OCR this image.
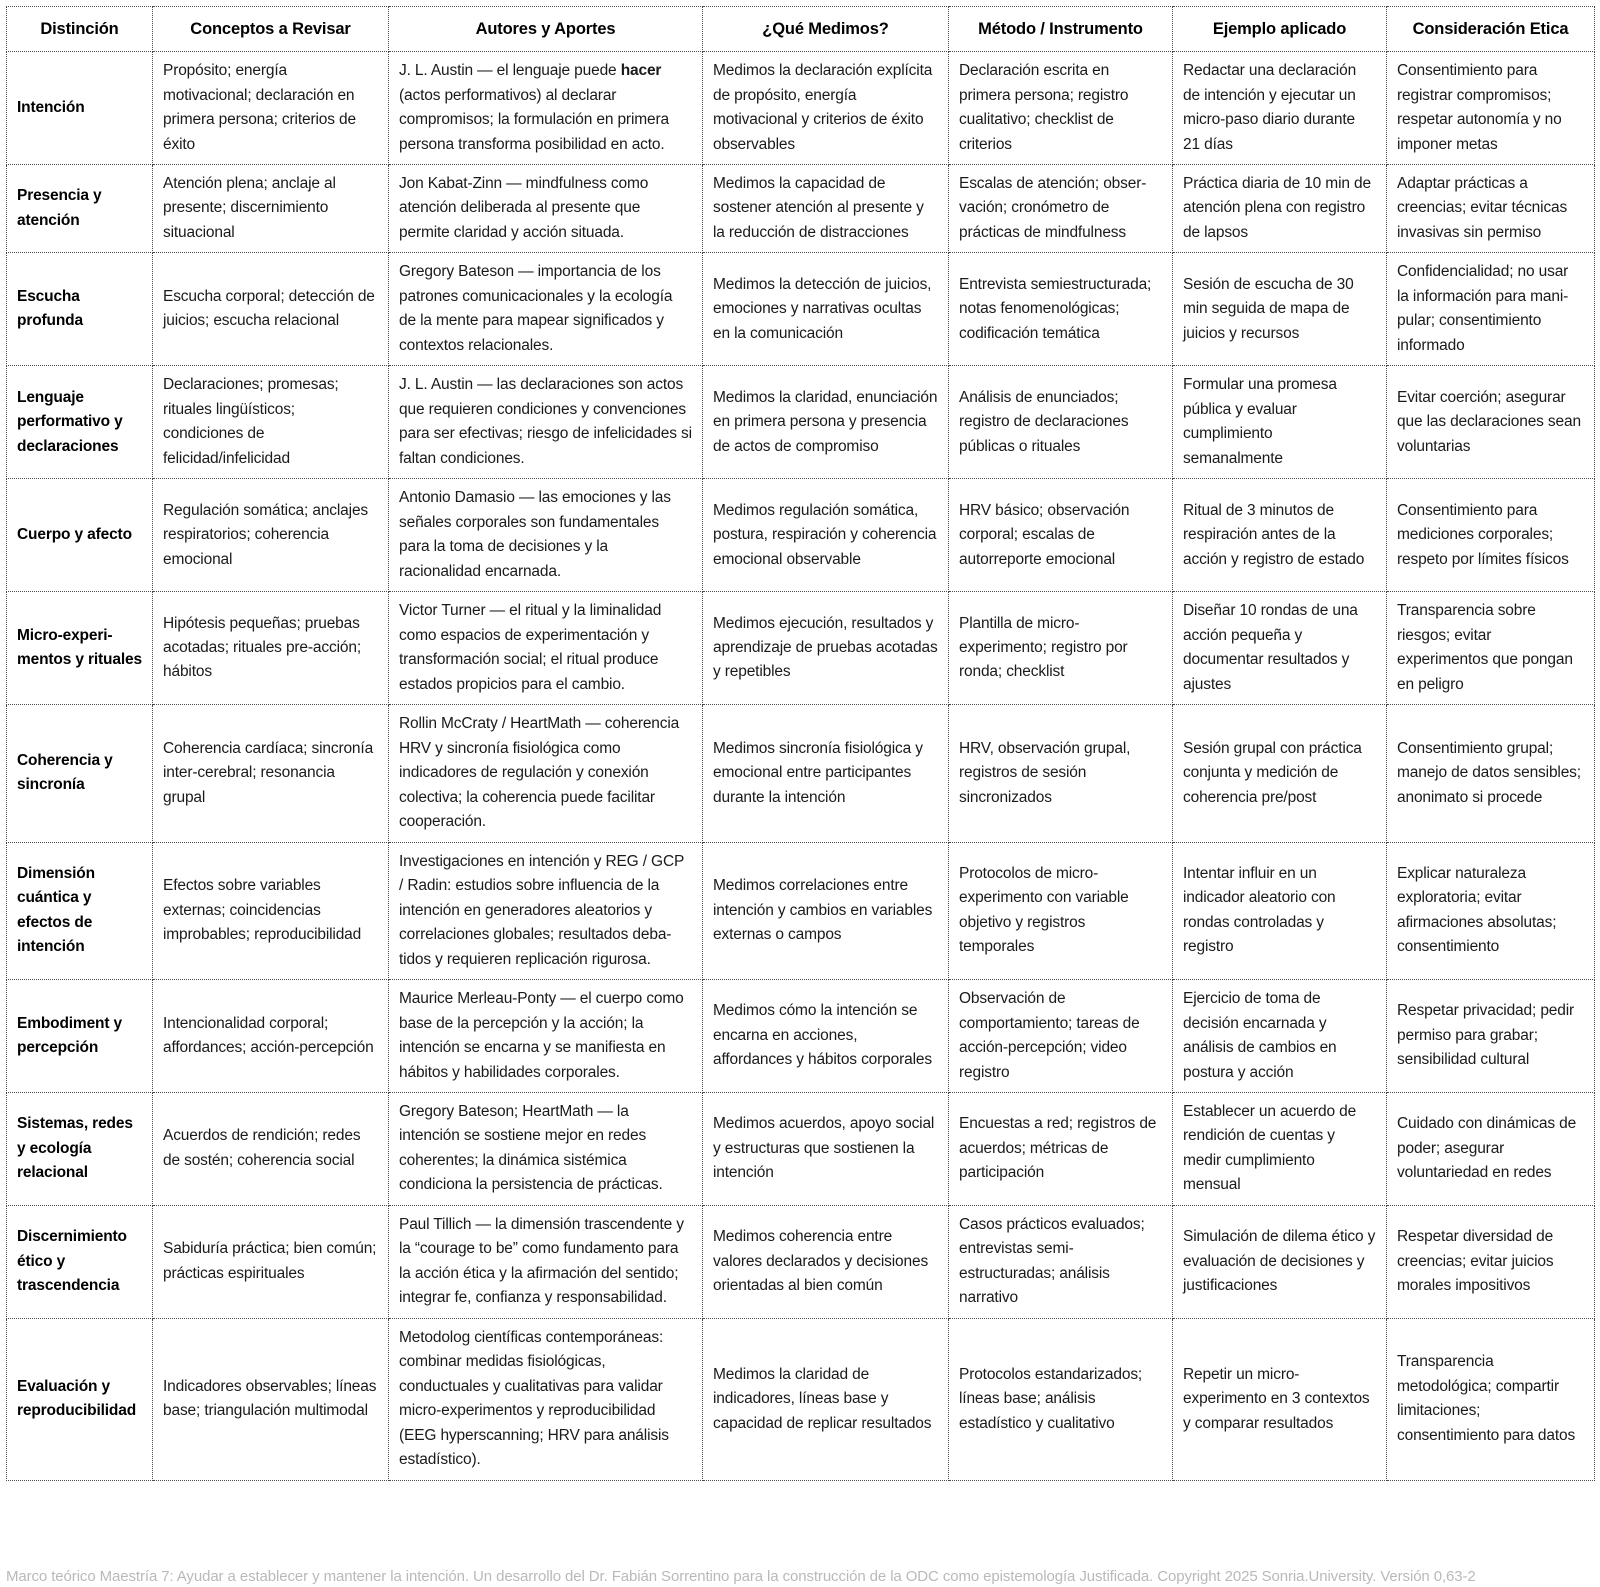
Distinción	Conceptos a Revisar	Autores y Aportes	¿Qué Medimos?	Método / Instrumento	Ejemplo aplicado	Consideración Etica
Intención	Propósito; energía motivacional; declaración en primera persona; criterios de éxito	J. L. Austin — el lenguaje puede hacer (actos performativos) al declarar compromisos; la formulación en primera persona transforma posibilidad en acto.	Medimos la declaración explícita de propósito, energía motivacional y criterios de éxito observables	Declaración escrita en primera persona; registro cualitativo; checklist de criterios	Redactar una declaración de intención y ejecutar un micro-paso diario durante 21 días	Consentimiento para registrar compromisos; respetar autonomía y no imponer metas
Presencia y atención	Atención plena; anclaje al presente; discernimiento situacional	Jon Kabat-Zinn — mindfulness como atención deliberada al presente que permite claridad y acción situada.	Medimos la capacidad de sostener atención al presente y la reducción de distracciones	Escalas de atención; obser-vación; cronómetro de prácticas de mindfulness	Práctica diaria de 10 min de atención plena con registro de lapsos	Adaptar prácticas a creencias; evitar técnicas invasivas sin permiso
Escucha profunda	Escucha corporal; detección de juicios; escucha relacional	Gregory Bateson — importancia de los patrones comunicacionales y la ecología de la mente para mapear significados y contextos relacionales.	Medimos la detección de juicios, emociones y narrativas ocultas en la comunicación	Entrevista semiestructurada; notas fenomenológicas; codificación temática	Sesión de escucha de 30 min seguida de mapa de juicios y recursos	Confidencialidad; no usar la información para mani-pular; consentimiento informado
Lenguaje performativo y declaraciones	Declaraciones; promesas; rituales lingüísticos; condiciones de felicidad/infelicidad	J. L. Austin — las declaraciones son actos que requieren condiciones y convenciones para ser efectivas; riesgo de infelicidades si faltan condiciones.	Medimos la claridad, enunciación en primera persona y presencia de actos de compromiso	Análisis de enunciados; registro de declaraciones públicas o rituales	Formular una promesa pública y evaluar cumplimiento semanalmente	Evitar coerción; asegurar que las declaraciones sean voluntarias
Cuerpo y afecto	Regulación somática; anclajes respiratorios; coherencia emocional	Antonio Damasio — las emociones y las señales corporales son fundamentales para la toma de decisiones y la racionalidad encarnada.	Medimos regulación somática, postura, respiración y coherencia emocional observable	HRV básico; observación corporal; escalas de autorreporte emocional	Ritual de 3 minutos de respiración antes de la acción y registro de estado	Consentimiento para mediciones corporales; respeto por límites físicos
Micro-experi-mentos y rituales	Hipótesis pequeñas; pruebas acotadas; rituales pre-acción; hábitos	Victor Turner — el ritual y la liminalidad como espacios de experimentación y transformación social; el ritual produce estados propicios para el cambio.	Medimos ejecución, resultados y aprendizaje de pruebas acotadas y repetibles	Plantilla de micro-experimento; registro por ronda; checklist	Diseñar 10 rondas de una acción pequeña y documentar resultados y ajustes	Transparencia sobre riesgos; evitar experimentos que pongan en peligro
Coherencia y sincronía	Coherencia cardíaca; sincronía inter-cerebral; resonancia grupal	Rollin McCraty / HeartMath — coherencia HRV y sincronía fisiológica como indicadores de regulación y conexión colectiva; la coherencia puede facilitar cooperación.	Medimos sincronía fisiológica y emocional entre participantes durante la intención	HRV, observación grupal, registros de sesión sincronizados	Sesión grupal con práctica conjunta y medición de coherencia pre/post	Consentimiento grupal; manejo de datos sensibles; anonimato si procede
Dimensión cuántica y efectos de intención	Efectos sobre variables externas; coincidencias improbables; reproducibilidad	Investigaciones en intención y REG / GCP / Radin: estudios sobre influencia de la intención en generadores aleatorios y correlaciones globales; resultados deba-tidos y requieren replicación rigurosa.	Medimos correlaciones entre intención y cambios en variables externas o campos	Protocolos de micro-experimento con variable objetivo y registros temporales	Intentar influir en un indicador aleatorio con rondas controladas y registro	Explicar naturaleza exploratoria; evitar afirmaciones absolutas; consentimiento
Embodiment y percepción	Intencionalidad corporal; affordances; acción-percepción	Maurice Merleau-Ponty — el cuerpo como base de la percepción y la acción; la intención se encarna y se manifiesta en hábitos y habilidades corporales.	Medimos cómo la intención se encarna en acciones, affordances y hábitos corporales	Observación de comportamiento; tareas de acción-percepción; video registro	Ejercicio de toma de decisión encarnada y análisis de cambios en postura y acción	Respetar privacidad; pedir permiso para grabar; sensibilidad cultural
Sistemas, redes y ecología relacional	Acuerdos de rendición; redes de sostén; coherencia social	Gregory Bateson; HeartMath — la intención se sostiene mejor en redes coherentes; la dinámica sistémica condiciona la persistencia de prácticas.	Medimos acuerdos, apoyo social y estructuras que sostienen la intención	Encuestas a red; registros de acuerdos; métricas de participación	Establecer un acuerdo de rendición de cuentas y medir cumplimiento mensual	Cuidado con dinámicas de poder; asegurar voluntariedad en redes
Discernimiento ético y trascendencia	Sabiduría práctica; bien común; prácticas espirituales	Paul Tillich — la dimensión trascendente y la “courage to be” como fundamento para la acción ética y la afirmación del sentido; integrar fe, confianza y responsabilidad.	Medimos coherencia entre valores declarados y decisiones orientadas al bien común	Casos prácticos evaluados; entrevistas semi-estructuradas; análisis narrativo	Simulación de dilema ético y evaluación de decisiones y justificaciones	Respetar diversidad de creencias; evitar juicios morales impositivos
Evaluación y reproducibilidad	Indicadores observables; líneas base; triangulación multimodal	Metodolog científicas contemporáneas: combinar medidas fisiológicas, conductuales y cualitativas para validar micro-experimentos y reproducibilidad (EEG hyperscanning; HRV para análisis estadístico).	Medimos la claridad de indicadores, líneas base y capacidad de replicar resultados	Protocolos estandarizados; líneas base; análisis estadístico y cualitativo	Repetir un micro-experimento en 3 contextos y comparar resultados	Transparencia metodológica; compartir limitaciones; consentimiento para datos
Marco teórico Maestría 7: Ayudar a establecer y mantener la intención. Un desarrollo del Dr. Fabián Sorrentino para la construcción de la ODC como epistemología Justificada. Copyright 2025 Sonria.University. Versión 0,63-2
